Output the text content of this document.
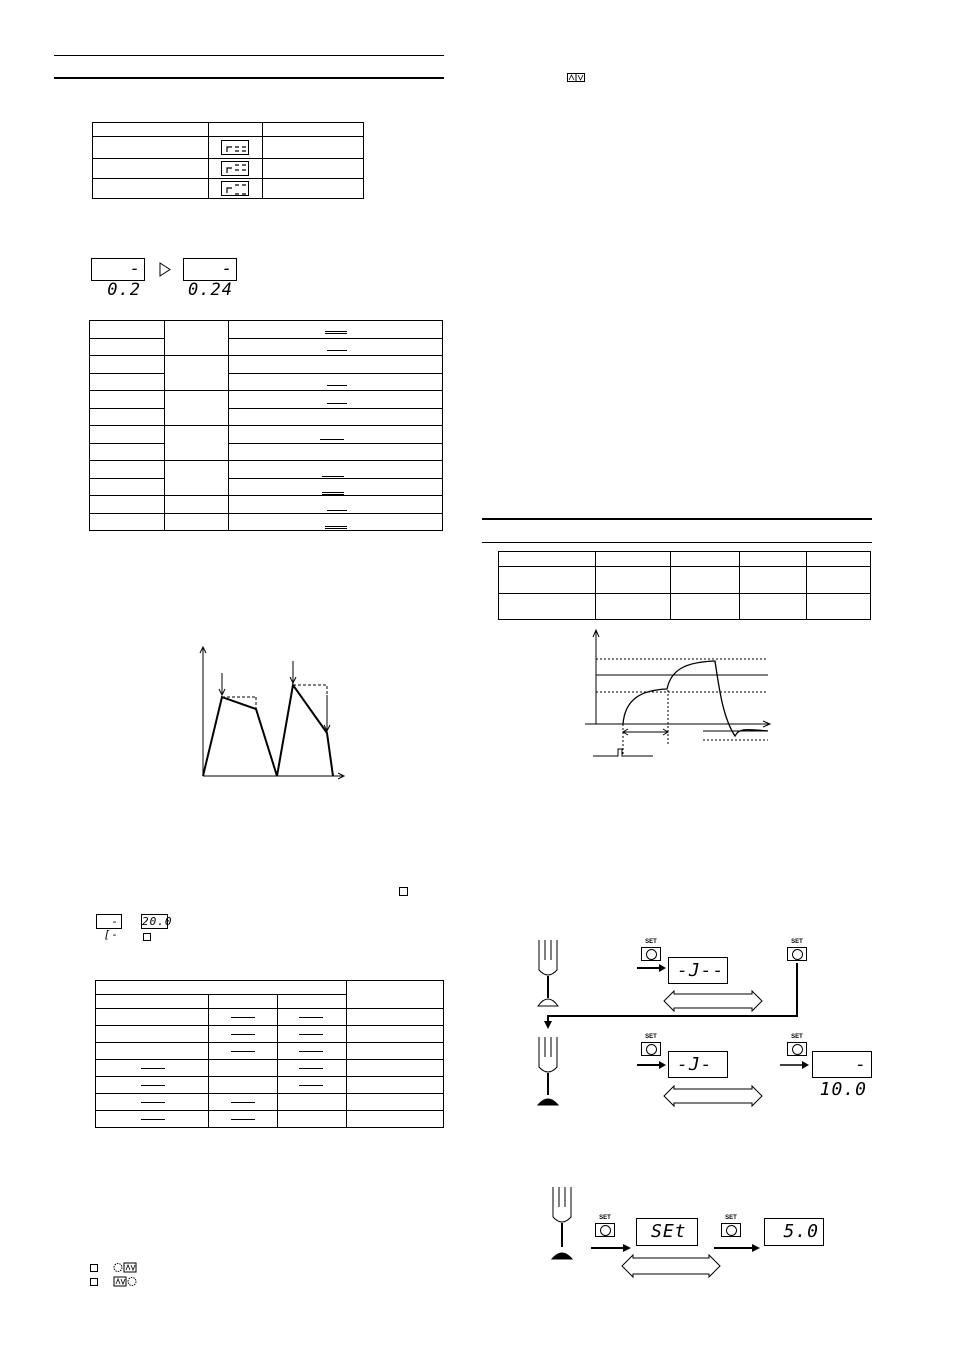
- 0.2
- 0.24

-[-
20.0

SET
-J--
SET
SET
-J-
SET
- 10.0
SET
SEt
SET
5.0
